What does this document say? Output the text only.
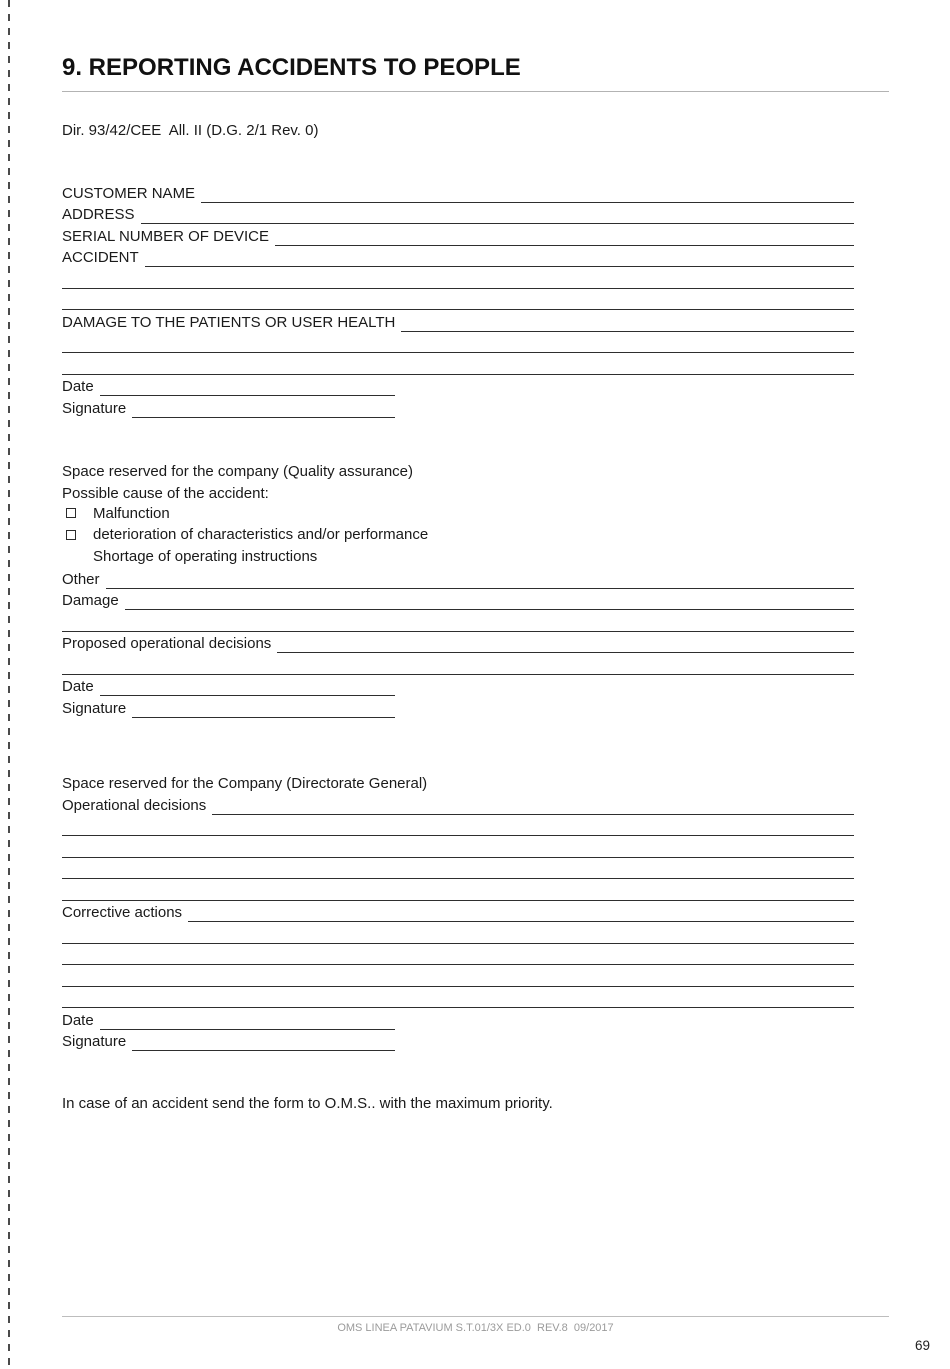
9. REPORTING ACCIDENTS TO PEOPLE
Dir. 93/42/CEE  All. II (D.G. 2/1 Rev. 0)
CUSTOMER NAME
ADDRESS
SERIAL NUMBER OF DEVICE
ACCIDENT
DAMAGE TO THE PATIENTS OR USER HEALTH
Date
Signature
Space reserved for the company (Quality assurance)
Possible cause of the accident:
Malfunction
deterioration of characteristics and/or performance
Shortage of operating instructions
Other
Damage
Proposed operational decisions
Date
Signature
Space reserved for the Company (Directorate General)
Operational decisions
Corrective actions
Date
Signature
In case of an accident send the form to O.M.S.. with the maximum priority.
OMS LINEA PATAVIUM S.T.01/3X ED.0  REV.8  09/2017
69
